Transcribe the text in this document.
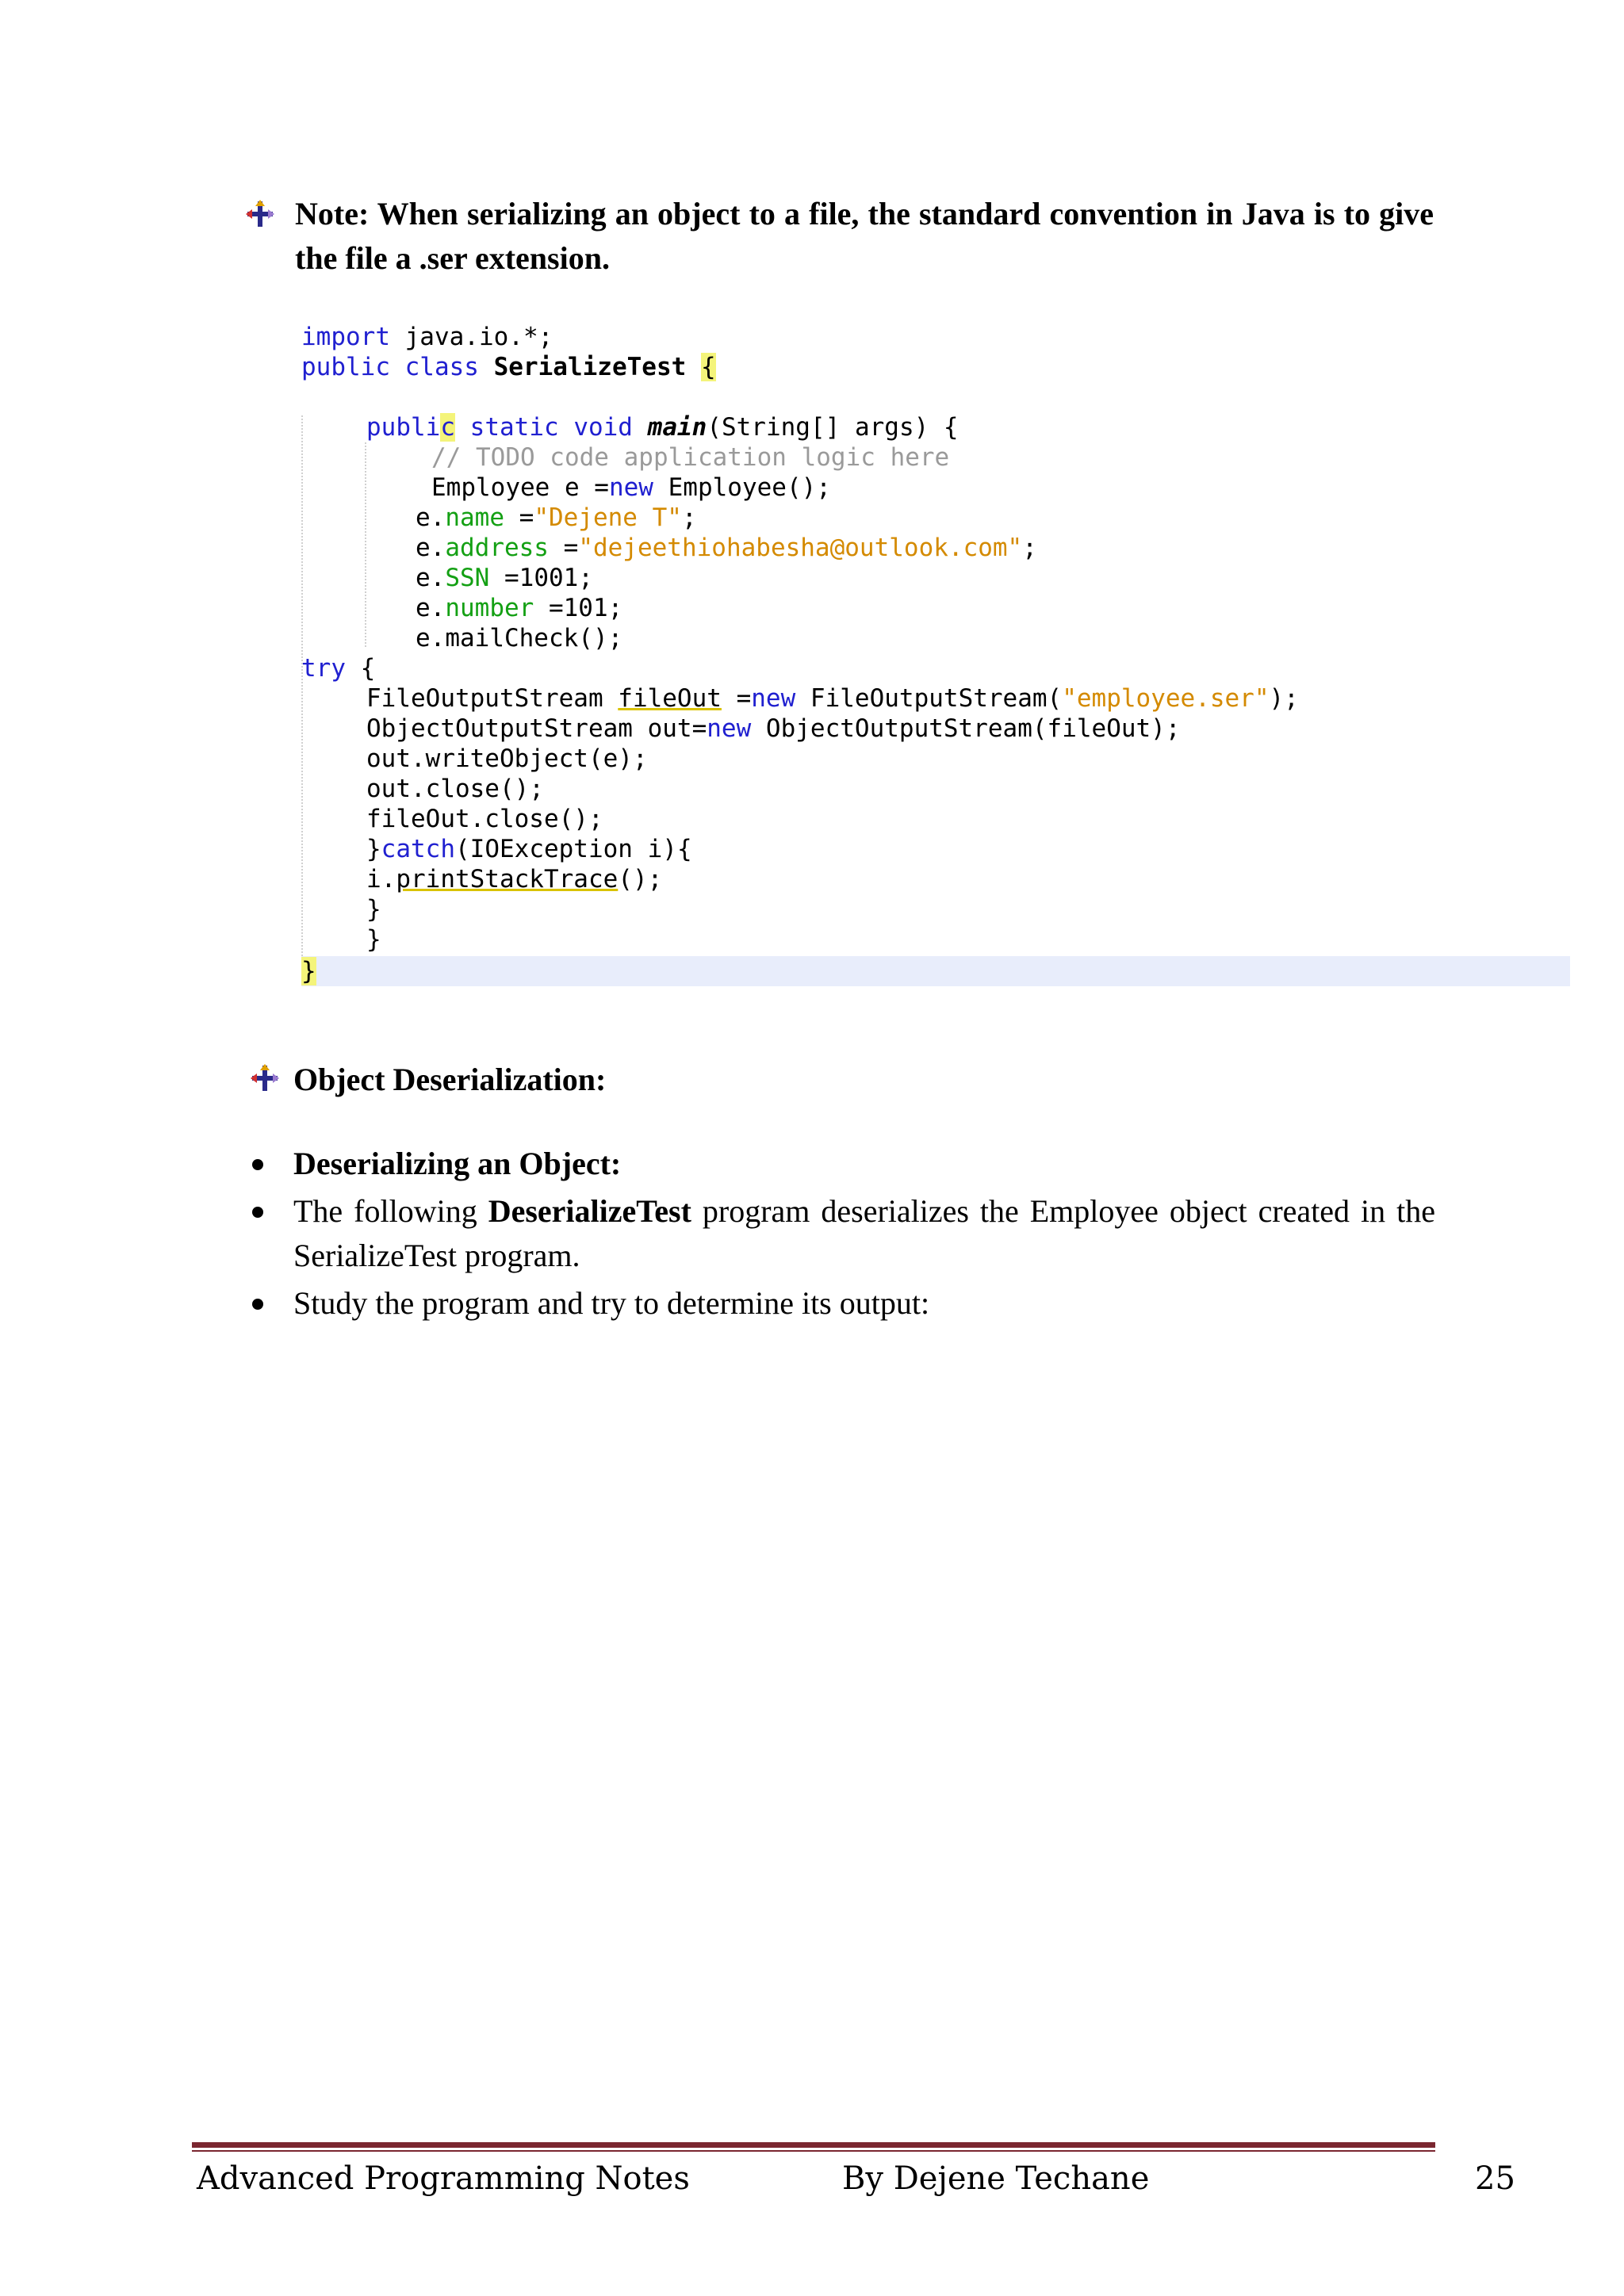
Note: When serializing an object to a file, the standard convention in Java is to give the file a .ser extension.
import java.io.*;
public class SerializeTest {
public static void main(String[] args) {
// TODO code application logic here
Employee e =new Employee();
e.name ="Dejene T";
e.address ="dejeethiohabesha@outlook.com";
e.SSN =1001;
e.number =101;
e.mailCheck();
try {
FileOutputStream fileOut =new FileOutputStream("employee.ser");
ObjectOutputStream out=new ObjectOutputStream(fileOut);
out.writeObject(e);
out.close();
fileOut.close();
}catch(IOException i){
i.printStackTrace();
}
}
}
Object Deserialization:
Deserializing an Object:
The following DeserializeTest program deserializes the Employee object created in the SerializeTest program.
Study the program and try to determine its output:
Advanced Programming Notes	By Dejene Techane	25
